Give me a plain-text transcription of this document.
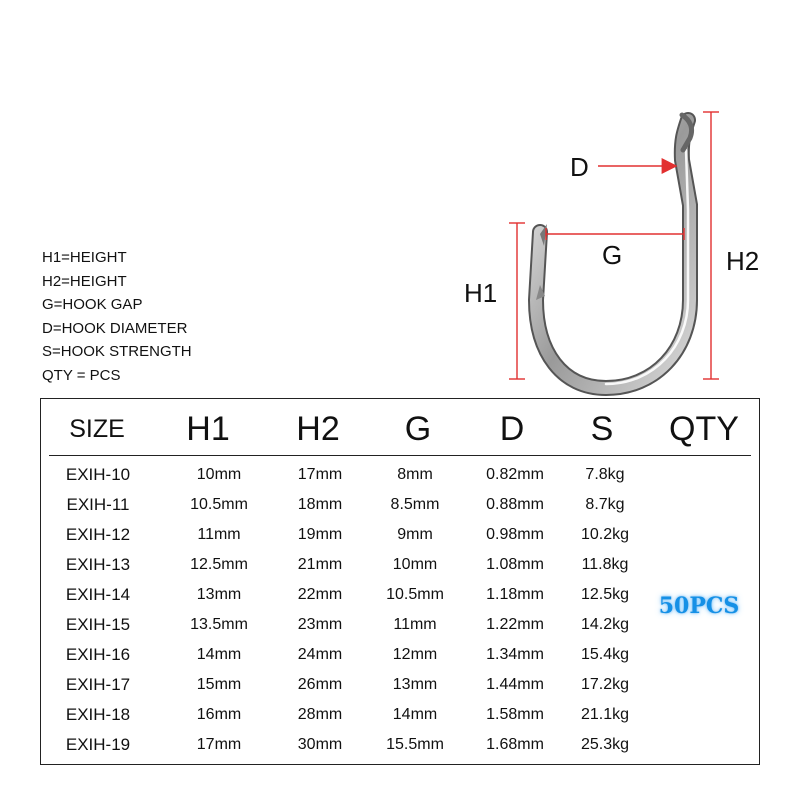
H1=HEIGHT
H2=HEIGHT
G=HOOK GAP
D=HOOK DIAMETER
S=HOOK STRENGTH
QTY = PCS
D
G
H1
H2
SIZE	H1	H2	G	D	S	QTY
EXIH-10	10mm	17mm	8mm	0.82mm	7.8kg
EXIH-11	10.5mm	18mm	8.5mm	0.88mm	8.7kg
EXIH-12	11mm	19mm	9mm	0.98mm	10.2kg
EXIH-13	12.5mm	21mm	10mm	1.08mm	11.8kg
EXIH-14	13mm	22mm	10.5mm	1.18mm	12.5kg
EXIH-15	13.5mm	23mm	11mm	1.22mm	14.2kg
EXIH-16	14mm	24mm	12mm	1.34mm	15.4kg
EXIH-17	15mm	26mm	13mm	1.44mm	17.2kg
EXIH-18	16mm	28mm	14mm	1.58mm	21.1kg
EXIH-19	17mm	30mm	15.5mm	1.68mm	25.3kg
50PCS
